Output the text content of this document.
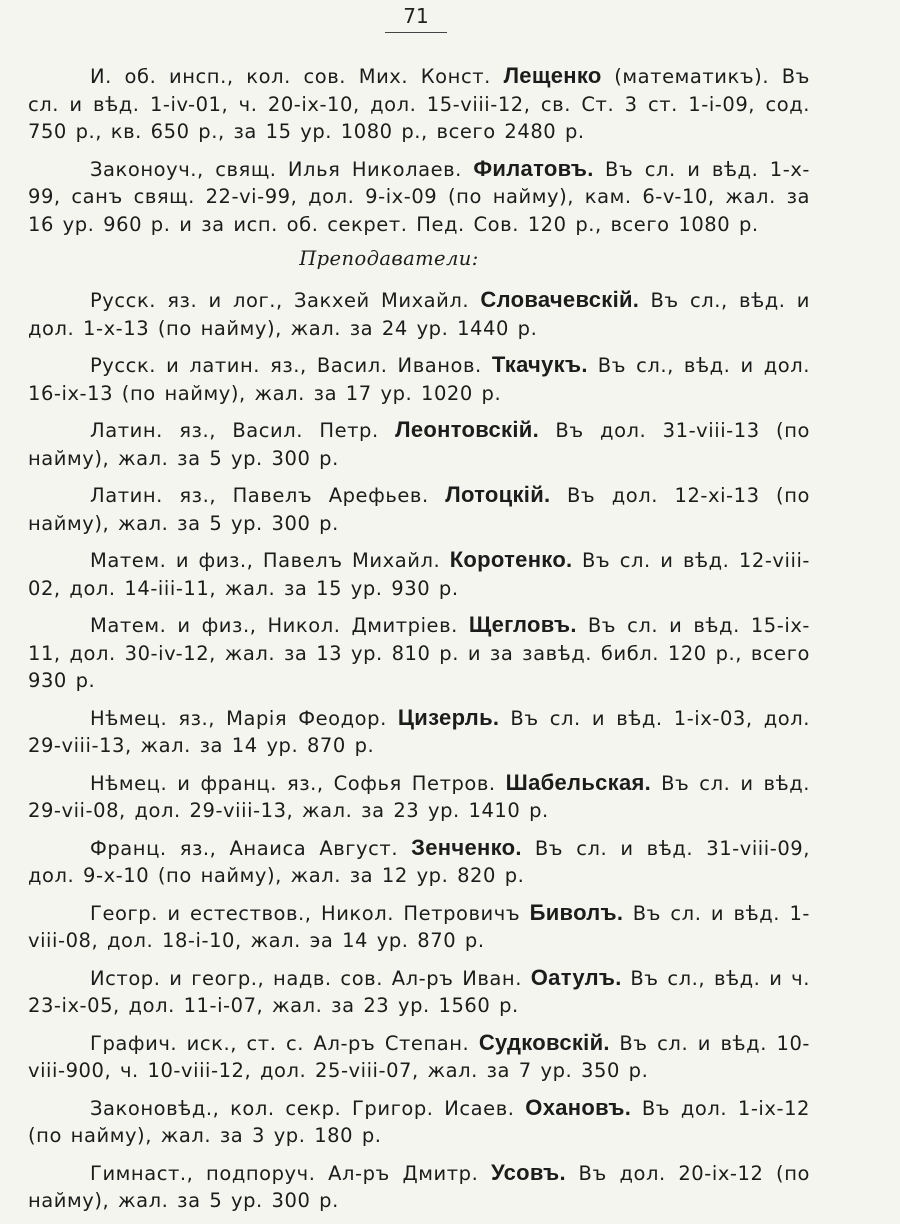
71

И. об. инсп., кол. сов. Мих. Конст. Лещенко (математикъ). Въ сл. и вѣд. 1-iv-01, ч. 20-ix-10, дол. 15-viii-12, св. Ст. 3 ст. 1-i-09, сод. 750 р., кв. 650 р., за 15 ур. 1080 р., всего 2480 р.

Законоуч., свящ. Илья Николаев. Филатовъ. Въ сл. и вѣд. 1-x-99, санъ свящ. 22-vi-99, дол. 9-ix-09 (по найму), кам. 6-v-10, жал. за 16 ур. 960 р. и за исп. об. секрет. Пед. Сов. 120 р., всего 1080 р.

Преподаватели:

Русск. яз. и лог., Закхей Михайл. Словачевскій. Въ сл., вѣд. и дол. 1-x-13 (по найму), жал. за 24 ур. 1440 р.

Русск. и латин. яз., Васил. Иванов. Ткачукъ. Въ сл., вѣд. и дол. 16-ix-13 (по найму), жал. за 17 ур. 1020 р.

Латин. яз., Васил. Петр. Леонтовскій. Въ дол. 31-viii-13 (по найму), жал. за 5 ур. 300 р.

Латин. яз., Павелъ Арефьев. Лотоцкій. Въ дол. 12-xi-13 (по найму), жал. за 5 ур. 300 р.

Матем. и физ., Павелъ Михайл. Коротенко. Въ сл. и вѣд. 12-viii-02, дол. 14-iii-11, жал. за 15 ур. 930 р.

Матем. и физ., Никол. Дмитріев. Щегловъ. Въ сл. и вѣд. 15-ix-11, дол. 30-iv-12, жал. за 13 ур. 810 р. и за завѣд. библ. 120 р., всего 930 р.

Нѣмец. яз., Марія Феодор. Цизерль. Въ сл. и вѣд. 1-ix-03, дол. 29-viii-13, жал. за 14 ур. 870 р.

Нѣмец. и франц. яз., Софья Петров. Шабельская. Въ сл. и вѣд. 29-vii-08, дол. 29-viii-13, жал. за 23 ур. 1410 р.

Франц. яз., Анаиса Август. Зенченко. Въ сл. и вѣд. 31-viii-09, дол. 9-x-10 (по найму), жал. за 12 ур. 820 р.

Геогр. и естествов., Никол. Петровичъ Биволъ. Въ сл. и вѣд. 1-viii-08, дол. 18-i-10, жал. эа 14 ур. 870 р.

Истор. и геогр., надв. сов. Ал-ръ Иван. Оатулъ. Въ сл., вѣд. и ч. 23-ix-05, дол. 11-i-07, жал. за 23 ур. 1560 р.

Графич. иск., ст. с. Ал-ръ Степан. Судковскій. Въ сл. и вѣд. 10-viii-900, ч. 10-viii-12, дол. 25-viii-07, жал. за 7 ур. 350 р.

Законовѣд., кол. секр. Григор. Исаев. Охановъ. Въ дол. 1-ix-12 (по найму), жал. за 3 ур. 180 р.

Гимнаст., подпоруч. Ал-ръ Дмитр. Усовъ. Въ дол. 20-ix-12 (по найму), жал. за 5 ур. 300 р.
